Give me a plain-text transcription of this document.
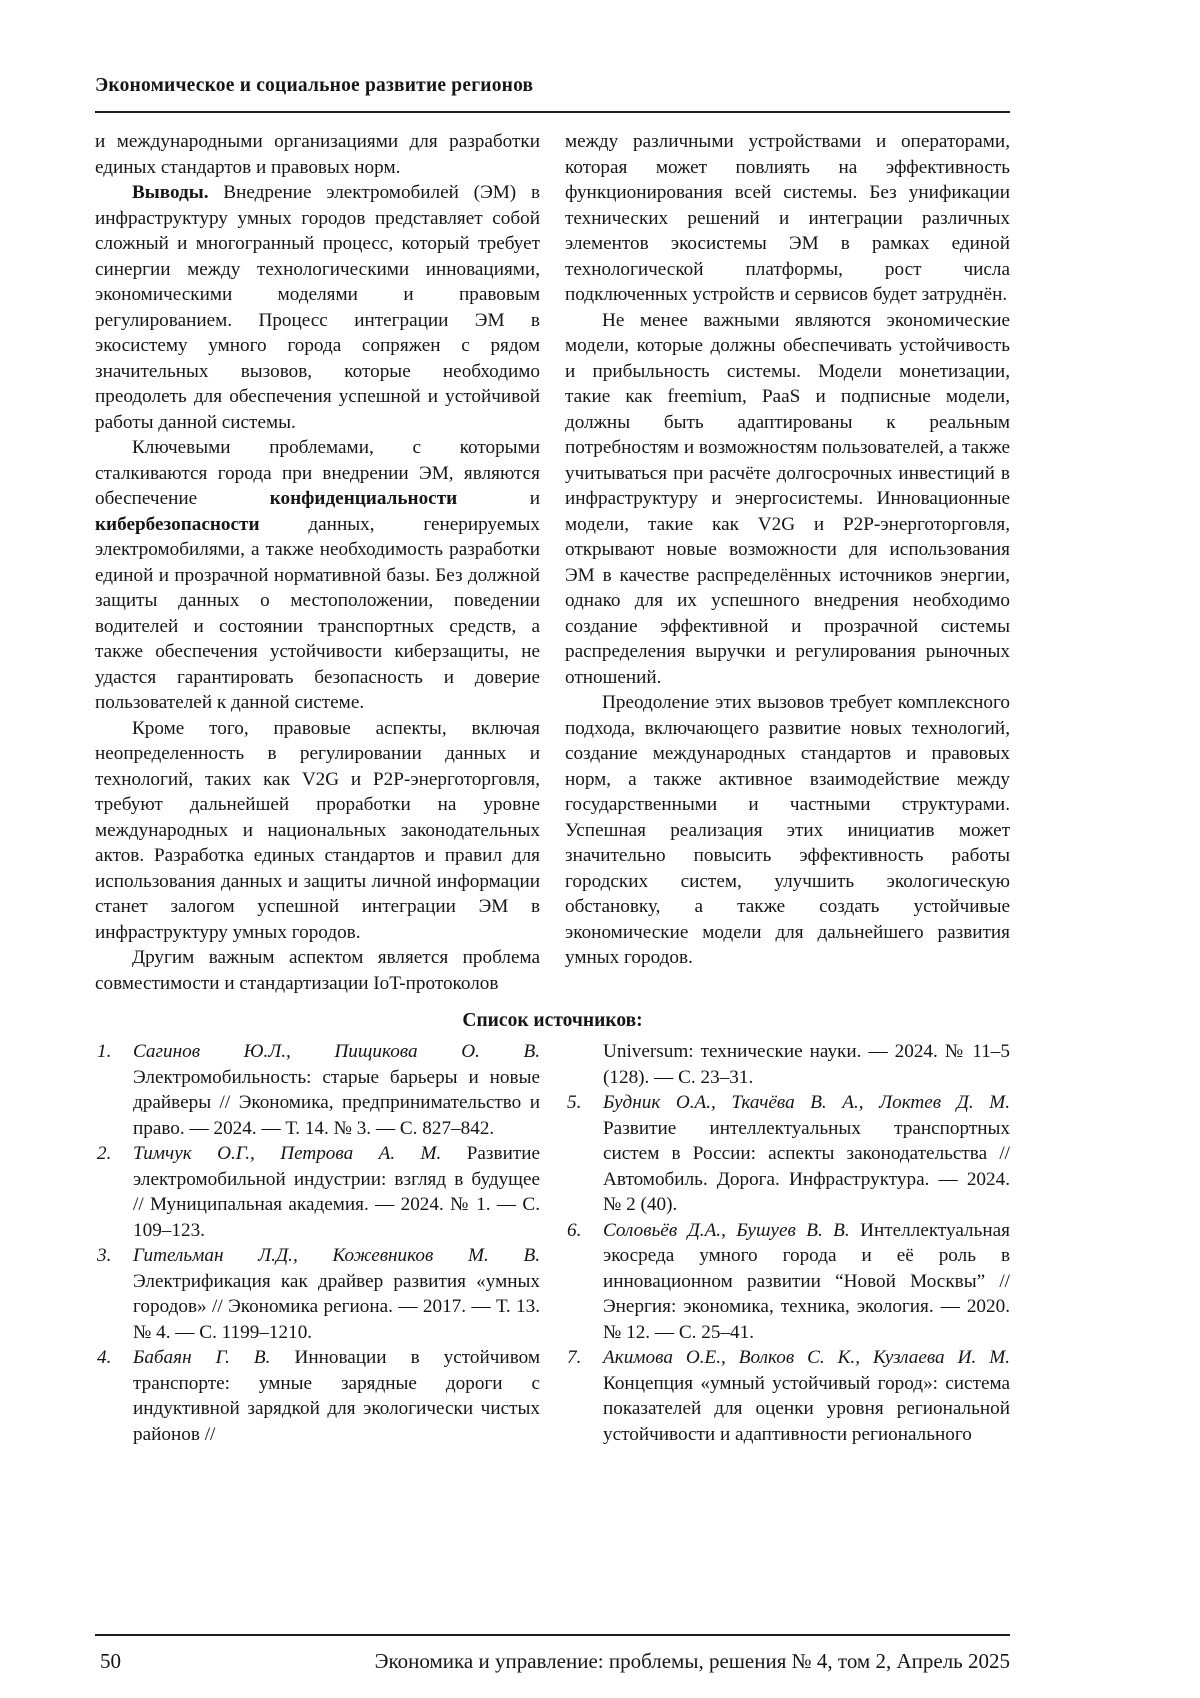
Экономическое и социальное развитие регионов

и международными организациями для разработки единых стандартов и правовых норм.

Выводы. Внедрение электромобилей (ЭМ) в инфраструктуру умных городов представляет собой сложный и многогранный процесс, который требует синергии между технологическими инновациями, экономическими моделями и правовым регулированием. Процесс интеграции ЭМ в экосистему умного города сопряжен с рядом значительных вызовов, которые необходимо преодолеть для обеспечения успешной и устойчивой работы данной системы.

Ключевыми проблемами, с которыми сталкиваются города при внедрении ЭМ, являются обеспечение конфиденциальности и кибербезопасности данных, генерируемых электромобилями, а также необходимость разработки единой и прозрачной нормативной базы. Без должной защиты данных о местоположении, поведении водителей и состоянии транспортных средств, а также обеспечения устойчивости киберзащиты, не удастся гарантировать безопасность и доверие пользователей к данной системе.

Кроме того, правовые аспекты, включая неопределенность в регулировании данных и технологий, таких как V2G и P2P-энерготорговля, требуют дальнейшей проработки на уровне международных и национальных законодательных актов. Разработка единых стандартов и правил для использования данных и защиты личной информации станет залогом успешной интеграции ЭМ в инфраструктуру умных городов.

Другим важным аспектом является проблема совместимости и стандартизации IoT-протоколов

между различными устройствами и операторами, которая может повлиять на эффективность функционирования всей системы. Без унификации технических решений и интеграции различных элементов экосистемы ЭМ в рамках единой технологической платформы, рост числа подключенных устройств и сервисов будет затруднён.

Не менее важными являются экономические модели, которые должны обеспечивать устойчивость и прибыльность системы. Модели монетизации, такие как freemium, PaaS и подписные модели, должны быть адаптированы к реальным потребностям и возможностям пользователей, а также учитываться при расчёте долгосрочных инвестиций в инфраструктуру и энергосистемы. Инновационные модели, такие как V2G и P2P-энерготорговля, открывают новые возможности для использования ЭМ в качестве распределённых источников энергии, однако для их успешного внедрения необходимо создание эффективной и прозрачной системы распределения выручки и регулирования рыночных отношений.

Преодоление этих вызовов требует комплексного подхода, включающего развитие новых технологий, создание международных стандартов и правовых норм, а также активное взаимодействие между государственными и частными структурами. Успешная реализация этих инициатив может значительно повысить эффективность работы городских систем, улучшить экологическую обстановку, а также создать устойчивые экономические модели для дальнейшего развития умных городов.

Список источников:
1. Сагинов Ю.Л., Пищикова О. В. Электромобильность: старые барьеры и новые драйверы // Экономика, предпринимательство и право. — 2024. — Т. 14. № 3. — С. 827–842.
2. Тимчук О.Г., Петрова А. М. Развитие электромобильной индустрии: взгляд в будущее // Муниципальная академия. — 2024. № 1. — С. 109–123.
3. Гительман Л.Д., Кожевников М. В. Электрификация как драйвер развития «умных городов» // Экономика региона. — 2017. — Т. 13. № 4. — С. 1199–1210.
4. Бабаян Г. В. Инновации в устойчивом транспорте: умные зарядные дороги с индуктивной зарядкой для экологически чистых районов //
Universum: технические науки. — 2024. № 11–5 (128). — С. 23–31.
5. Будник О.А., Ткачёва В. А., Локтев Д. М. Развитие интеллектуальных транспортных систем в России: аспекты законодательства // Автомобиль. Дорога. Инфраструктура. — 2024. № 2 (40).
6. Соловьёв Д.А., Бушуев В. В. Интеллектуальная экосреда умного города и её роль в инновационном развитии “Новой Москвы” // Энергия: экономика, техника, экология. — 2020. № 12. — С. 25–41.
7. Акимова О.Е., Волков С. К., Кузлаева И. М. Концепция «умный устойчивый город»: система показателей для оценки уровня региональной устойчивости и адаптивности регионального
50	Экономика и управление: проблемы, решения № 4, том 2, Апрель 2025
